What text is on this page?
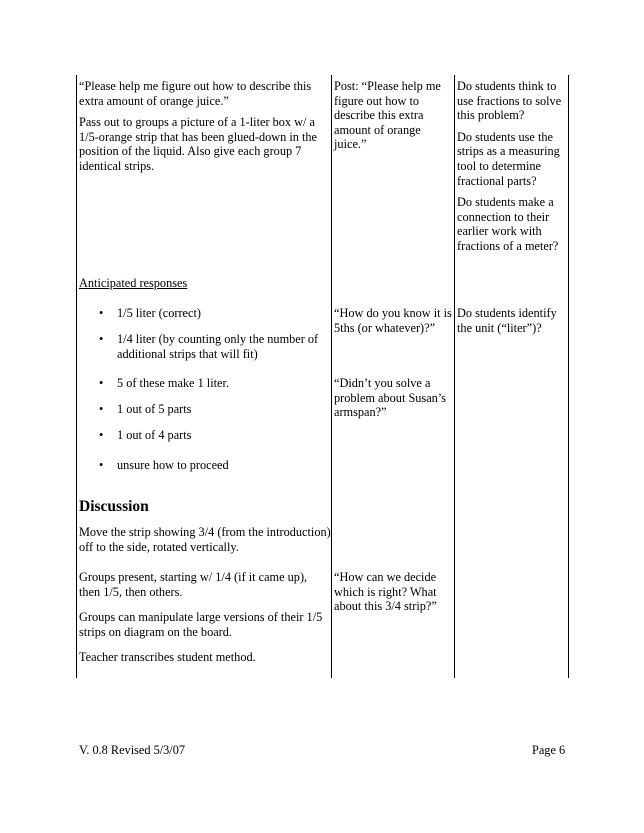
“Please help me figure out how to describe this extra amount of orange juice.”

Pass out to groups a picture of a 1-liter box w/ a 1/5-orange strip that has been glued-down in the position of the liquid. Also give each group 7 identical strips.

Post: “Please help me figure out how to describe this extra amount of orange juice.”

Do students think to use fractions to solve this problem?

Do students use the strips as a measuring tool to determine fractional parts?

Do students make a connection to their earlier work with fractions of a meter?

Anticipated responses
• 1/5 liter (correct)
• 1/4 liter (by counting only the number of additional strips that will fit)
• 5 of these make 1 liter.
• 1 out of 5 parts
• 1 out of 4 parts
• unsure how to proceed
“How do you know it is 5ths (or whatever)?”
“Didn’t you solve a problem about Susan’s armspan?”
Do students identify the unit (“liter”)?
Discussion
Move the strip showing 3/4 (from the introduction) off to the side, rotated vertically.
Groups present, starting w/ 1/4 (if it came up), then 1/5, then others.
Groups can manipulate large versions of their 1/5 strips on diagram on the board.
Teacher transcribes student method.
“How can we decide which is right? What about this 3/4 strip?”
V. 0.8 Revised 5/3/07	Page 6
